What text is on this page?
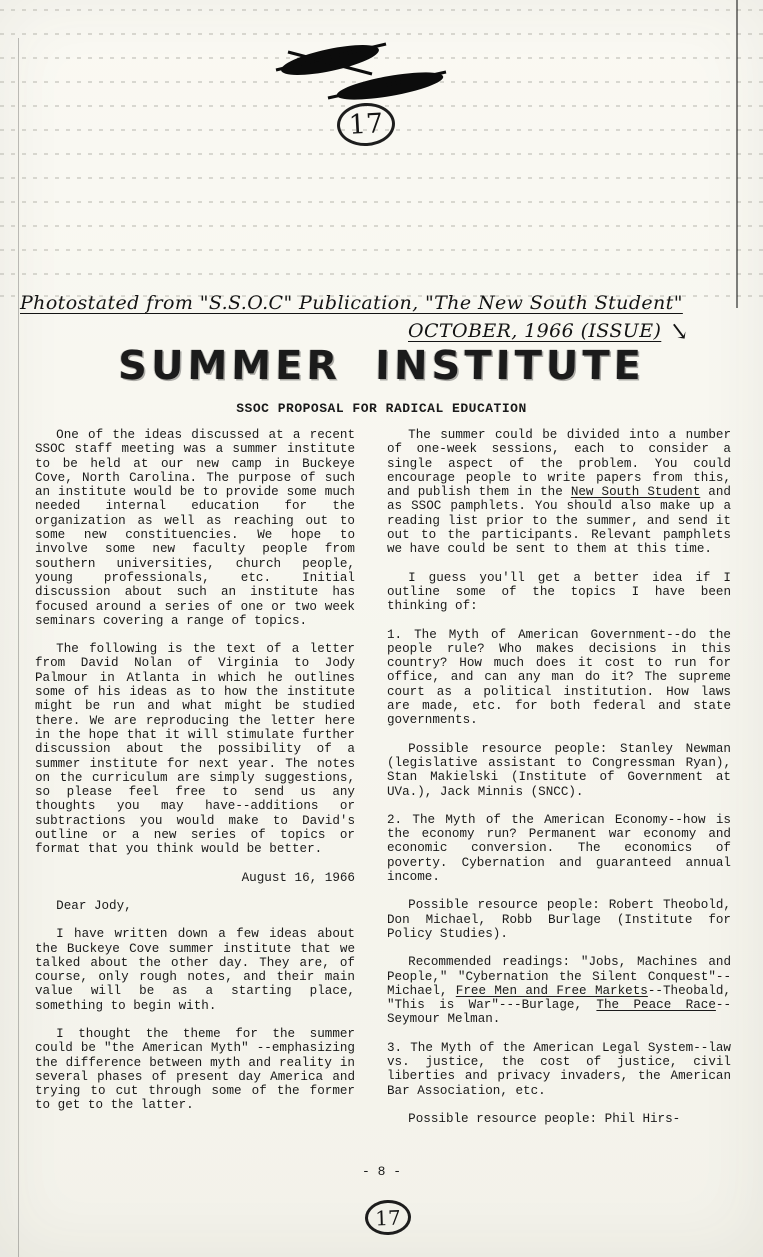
17
Photostated from "S.S.O.C" Publication, "The New South Student"
OCTOBER, 1966 (ISSUE) ↘
SUMMER INSTITUTE
SSOC PROPOSAL FOR RADICAL EDUCATION

One of the ideas discussed at a recent SSOC staff meeting was a summer institute to be held at our new camp in Buckeye Cove, North Carolina. The purpose of such an institute would be to provide some much needed internal education for the organization as well as reaching out to some new constituencies. We hope to involve some new faculty people from southern universities, church people, young professionals, etc. Initial discussion about such an institute has focused around a series of one or two week seminars covering a range of topics.

The following is the text of a letter from David Nolan of Virginia to Jody Palmour in Atlanta in which he outlines some of his ideas as to how the institute might be run and what might be studied there. We are reproducing the letter here in the hope that it will stimulate further discussion about the possibility of a summer institute for next year. The notes on the curriculum are simply suggestions, so please feel free to send us any thoughts you may have--additions or subtractions you would make to David's outline or a new series of topics or format that you think would be better.

August 16, 1966

Dear Jody,

I have written down a few ideas about the Buckeye Cove summer institute that we talked about the other day. They are, of course, only rough notes, and their main value will be as a starting place, something to begin with.

I thought the theme for the summer could be "the American Myth" --emphasizing the difference between myth and reality in several phases of present day America and trying to cut through some of the former to get to the latter.

The summer could be divided into a number of one-week sessions, each to consider a single aspect of the problem. You could encourage people to write papers from this, and publish them in the New South Student and as SSOC pamphlets. You should also make up a reading list prior to the summer, and send it out to the participants. Relevant pamphlets we have could be sent to them at this time.

I guess you'll get a better idea if I outline some of the topics I have been thinking of:

1. The Myth of American Government--do the people rule? Who makes decisions in this country? How much does it cost to run for office, and can any man do it? The supreme court as a political institution. How laws are made, etc. for both federal and state governments.

Possible resource people: Stanley Newman (legislative assistant to Congressman Ryan), Stan Makielski (Institute of Government at UVa.), Jack Minnis (SNCC).

2. The Myth of the American Economy--how is the economy run? Permanent war economy and economic conversion. The economics of poverty. Cybernation and guaranteed annual income.

Possible resource people: Robert Theobold, Don Michael, Robb Burlage (Institute for Policy Studies).

Recommended readings: "Jobs, Machines and People," "Cybernation the Silent Conquest"--Michael, Free Men and Free Markets--Theobald, "This is War"---Burlage, The Peace Race--Seymour Melman.

3. The Myth of the American Legal System--law vs. justice, the cost of justice, civil liberties and privacy invaders, the American Bar Association, etc.

Possible resource people: Phil Hirs-

- 8 -
17
